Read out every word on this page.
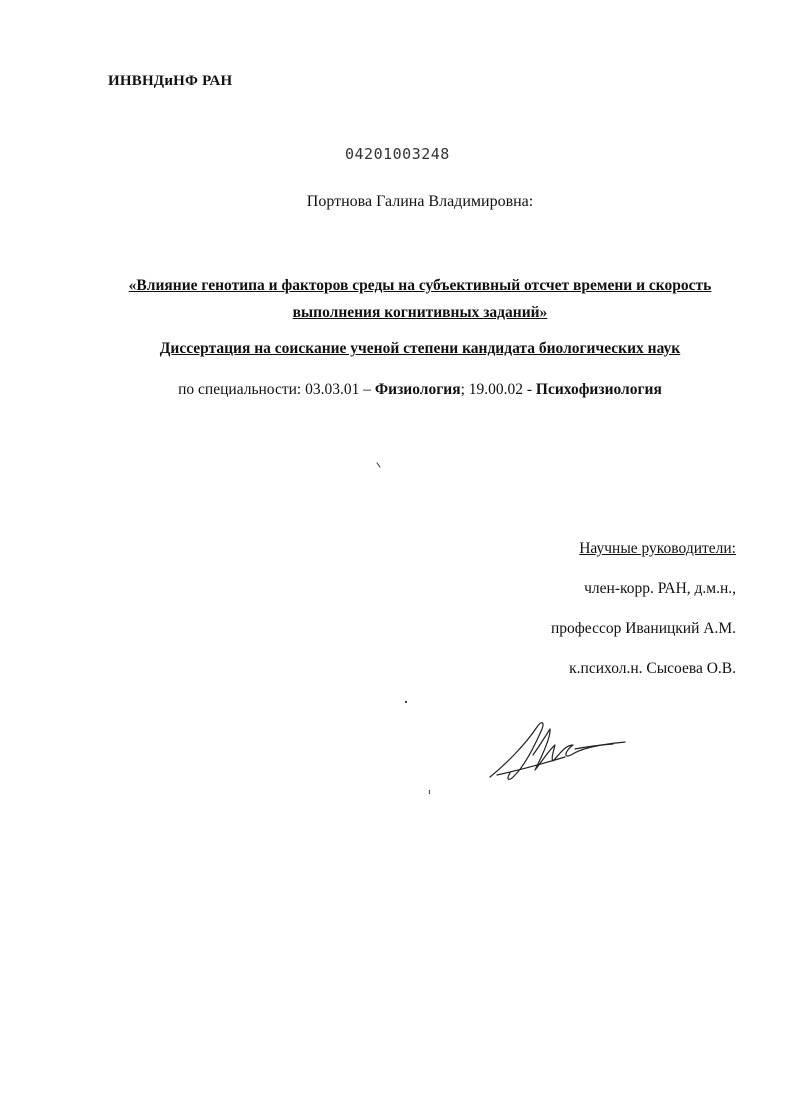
ИНВНДиНФ РАН
04201003248
Портнова Галина Владимировна:
«Влияние генотипа и факторов среды на субъективный отсчет времени и скорость
выполнения когнитивных заданий»
Диссертация на соискание ученой степени кандидата биологических наук
по специальности: 03.03.01 – Физиология; 19.00.02 - Психофизиология
Научные руководители:
член-корр. РАН, д.м.н.,
профессор Иваницкий А.М.
к.психол.н. Сысоева О.В.
